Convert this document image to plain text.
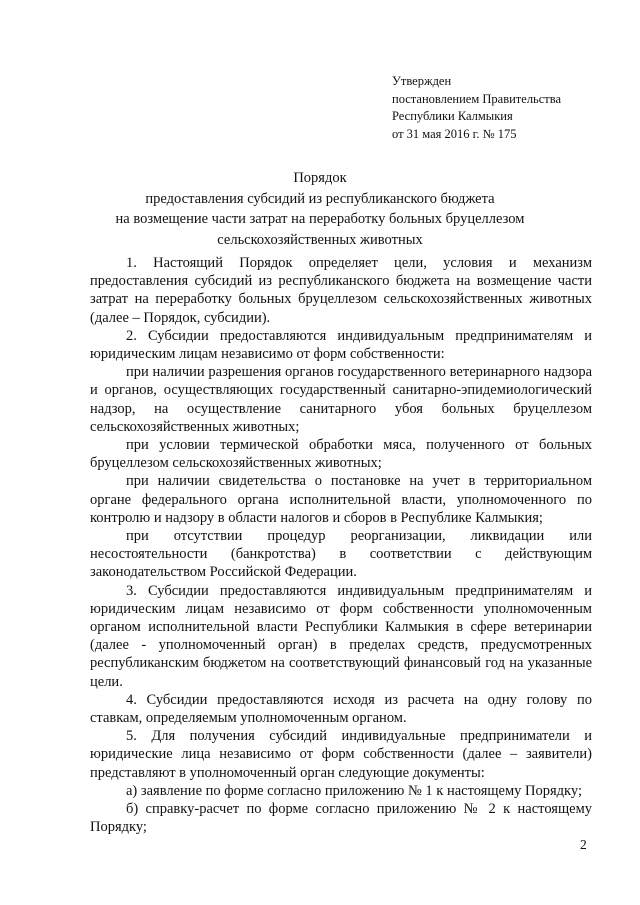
Утвержден
постановлением Правительства
Республики Калмыкия
от 31 мая 2016 г. № 175
Порядок
предоставления субсидий из республиканского бюджета
на возмещение части затрат на переработку больных бруцеллезом
сельскохозяйственных животных

1. Настоящий Порядок определяет цели, условия и механизм предоставления субсидий из республиканского бюджета на возмещение части затрат на переработку больных бруцеллезом сельскохозяйственных животных (далее – Порядок, субсидии).

2. Субсидии предоставляются индивидуальным предпринимателям и юридическим лицам независимо от форм собственности:

при наличии разрешения органов государственного ветеринарного надзора и органов, осуществляющих государственный санитарно-эпидемиологический надзор, на осуществление санитарного убоя больных бруцеллезом сельскохозяйственных животных;

при условии термической обработки мяса, полученного от больных бруцеллезом сельскохозяйственных животных;

при наличии свидетельства о постановке на учет в территориальном органе федерального органа исполнительной власти, уполномоченного по контролю и надзору в области налогов и сборов в Республике Калмыкия;

при отсутствии процедур реорганизации, ликвидации или несостоятельности (банкротства) в соответствии с действующим законодательством Российской Федерации.

3. Субсидии предоставляются индивидуальным предпринимателям и юридическим лицам независимо от форм собственности уполномоченным органом исполнительной власти Республики Калмыкия в сфере ветеринарии (далее - уполномоченный орган) в пределах средств, предусмотренных республиканским бюджетом на соответствующий финансовый год на указанные цели.

4. Субсидии предоставляются исходя из расчета на одну голову по ставкам, определяемым уполномоченным органом.

5. Для получения субсидий индивидуальные предприниматели и юридические лица независимо от форм собственности (далее – заявители) представляют в уполномоченный орган следующие документы:

а) заявление по форме согласно приложению № 1 к настоящему Порядку;

б) справку-расчет по форме согласно приложению № 2 к настоящему Порядку;

2
